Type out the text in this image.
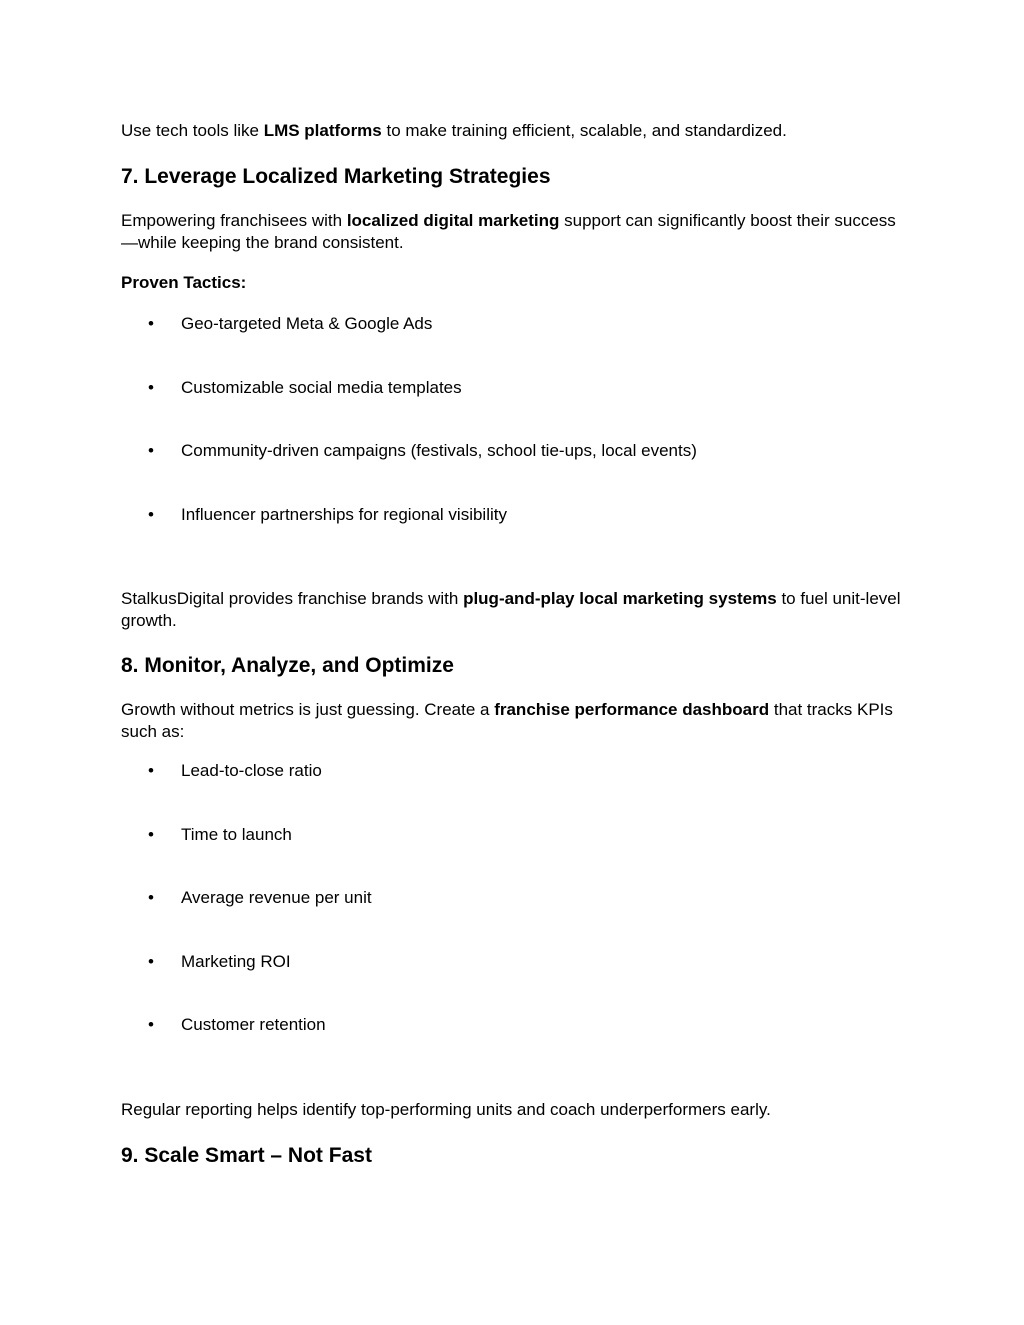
Use tech tools like LMS platforms to make training efficient, scalable, and standardized.

7. Leverage Localized Marketing Strategies

Empowering franchisees with localized digital marketing support can significantly boost their success—while keeping the brand consistent.

Proven Tactics:

• Geo-targeted Meta & Google Ads
• Customizable social media templates
• Community-driven campaigns (festivals, school tie-ups, local events)
• Influencer partnerships for regional visibility

StalkusDigital provides franchise brands with plug-and-play local marketing systems to fuel unit-level growth.

8. Monitor, Analyze, and Optimize

Growth without metrics is just guessing. Create a franchise performance dashboard that tracks KPIs such as:

• Lead-to-close ratio
• Time to launch
• Average revenue per unit
• Marketing ROI
• Customer retention

Regular reporting helps identify top-performing units and coach underperformers early.

9. Scale Smart – Not Fast
